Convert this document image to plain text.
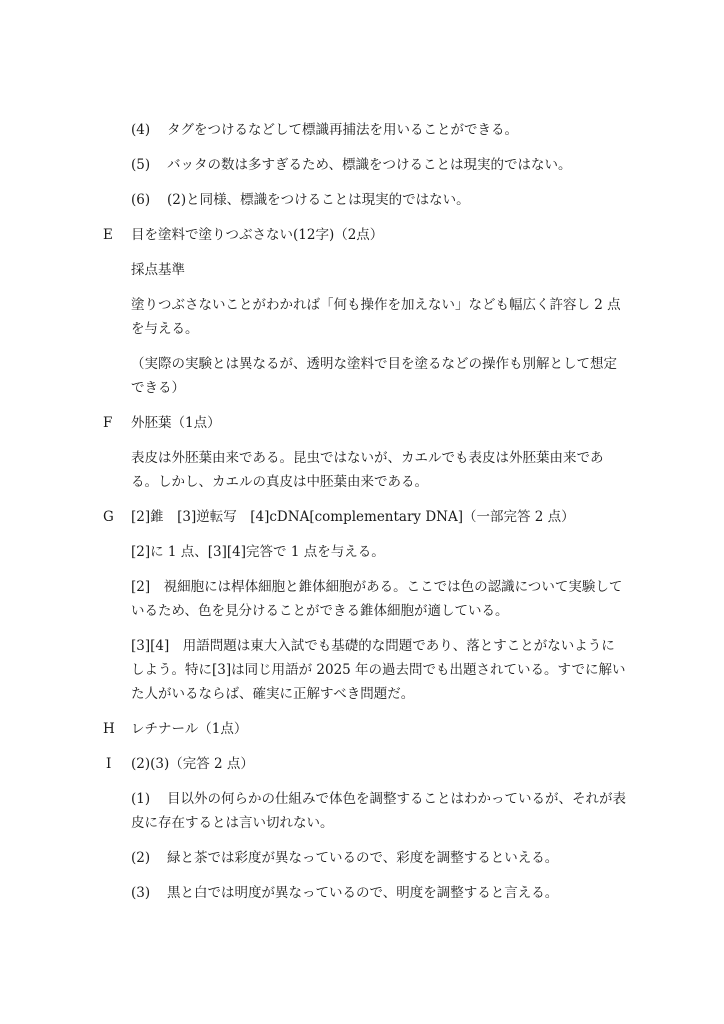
(4) タグをつけるなどして標識再捕法を用いることができる。
(5) バッタの数は多すぎるため、標識をつけることは現実的ではない。
(6) (2)と同様、標識をつけることは現実的ではない。
E 目を塗料で塗りつぶさない(12字)（2点）
採点基準
塗りつぶさないことがわかれば「何も操作を加えない」なども幅広く許容し 2 点
を与える。
（実際の実験とは異なるが、透明な塗料で目を塗るなどの操作も別解として想定
できる）
F 外胚葉（1点）
表皮は外胚葉由来である。昆虫ではないが、カエルでも表皮は外胚葉由来であ
る。しかし、カエルの真皮は中胚葉由来である。
G [2]錐　[3]逆転写　[4]cDNA[complementary DNA]（一部完答 2 点）
[2]に 1 点、[3][4]完答で 1 点を与える。
[2]　視細胞には桿体細胞と錐体細胞がある。ここでは色の認識について実験して
いるため、色を見分けることができる錐体細胞が適している。
[3][4]　用語問題は東大入試でも基礎的な問題であり、落とすことがないように
しよう。特に[3]は同じ用語が 2025 年の過去問でも出題されている。すでに解い
た人がいるならば、確実に正解すべき問題だ。
H レチナール（1点）
I (2)(3)（完答 2 点）
(1) 目以外の何らかの仕組みで体色を調整することはわかっているが、それが表
皮に存在するとは言い切れない。
(2) 緑と茶では彩度が異なっているので、彩度を調整するといえる。
(3) 黒と白では明度が異なっているので、明度を調整すると言える。
